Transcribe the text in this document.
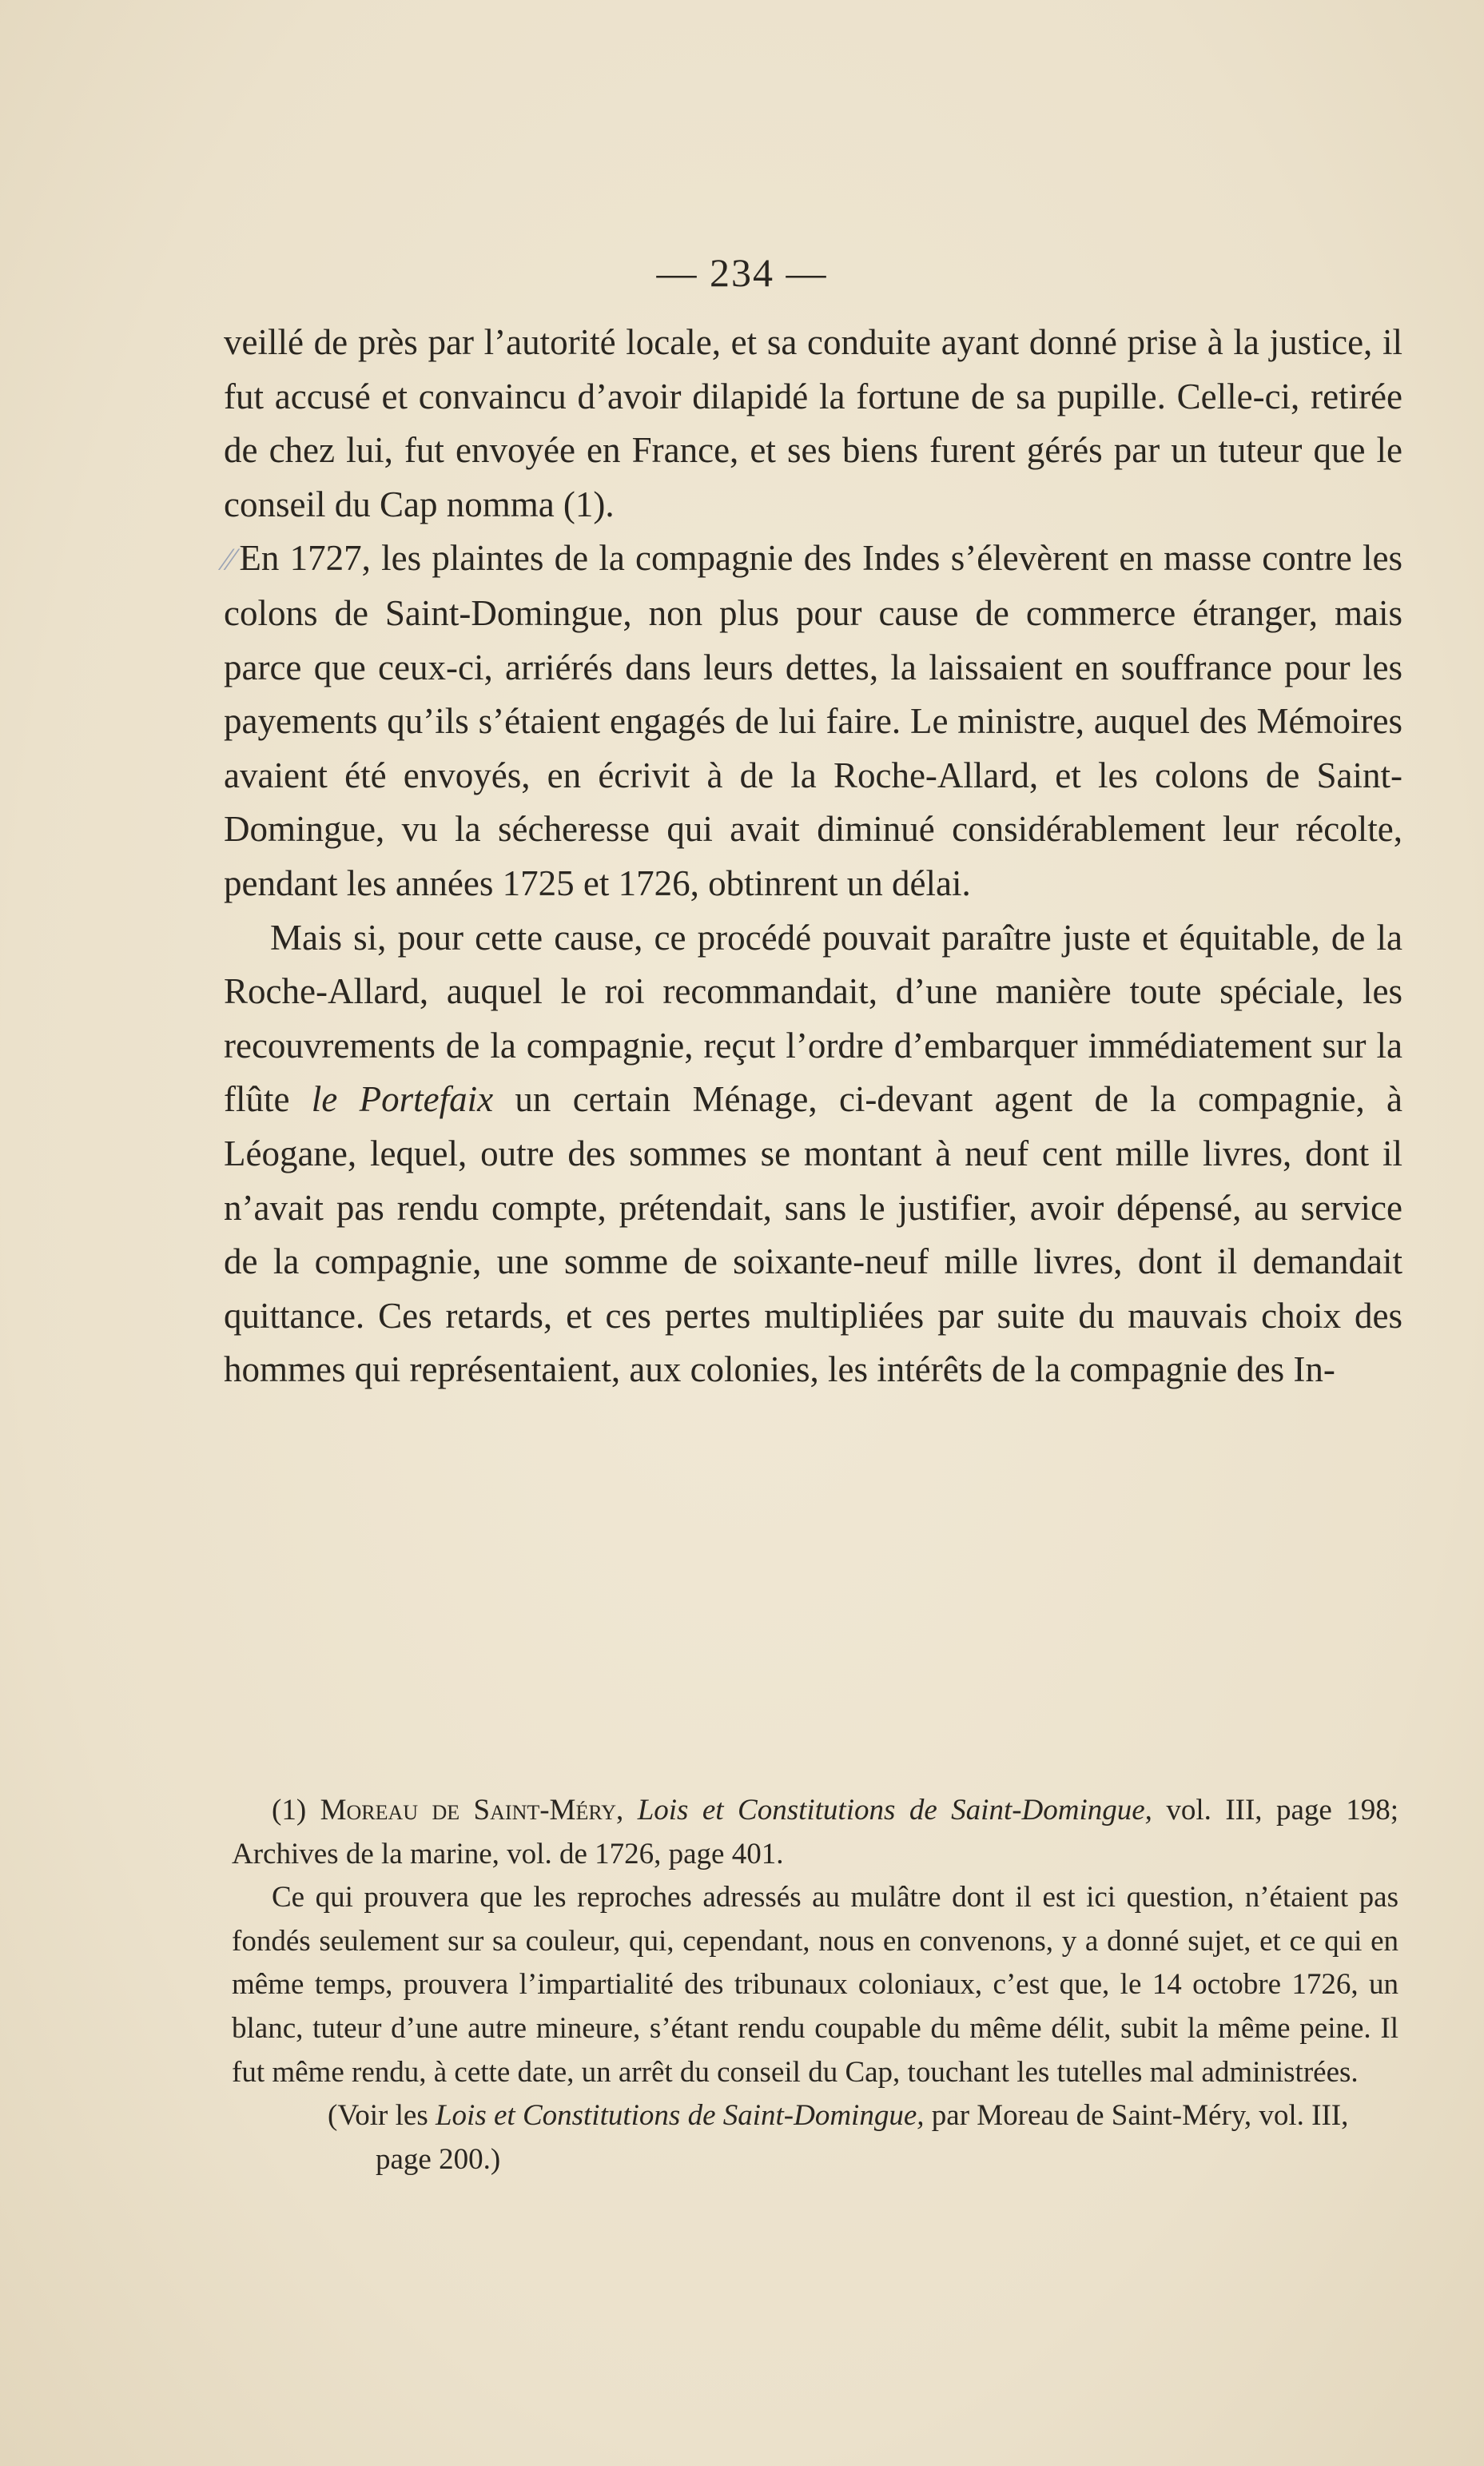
— 234 —

veillé de près par l’autorité locale, et sa conduite ayant donné prise à la justice, il fut accusé et convaincu d’avoir dilapidé la fortune de sa pupille. Celle-ci, retirée de chez lui, fut envoyée en France, et ses biens furent gérés par un tuteur que le conseil du Cap nomma (1).

⁄⁄ En 1727, les plaintes de la compagnie des Indes s’élevèrent en masse contre les colons de Saint-Domingue, non plus pour cause de commerce étranger, mais parce que ceux-ci, arriérés dans leurs dettes, la laissaient en souffrance pour les payements qu’ils s’étaient engagés de lui faire. Le ministre, auquel des Mémoires avaient été envoyés, en écrivit à de la Roche-Allard, et les colons de Saint-Domingue, vu la sécheresse qui avait diminué considérablement leur récolte, pendant les années 1725 et 1726, obtinrent un délai.

Mais si, pour cette cause, ce procédé pouvait paraître juste et équitable, de la Roche-Allard, auquel le roi recommandait, d’une manière toute spéciale, les recouvrements de la compagnie, reçut l’ordre d’embarquer immédiatement sur la flûte le Portefaix un certain Ménage, ci-devant agent de la compagnie, à Léogane, lequel, outre des sommes se montant à neuf cent mille livres, dont il n’avait pas rendu compte, prétendait, sans le justifier, avoir dépensé, au service de la compagnie, une somme de soixante-neuf mille livres, dont il demandait quittance. Ces retards, et ces pertes multipliées par suite du mauvais choix des hommes qui représentaient, aux colonies, les intérêts de la compagnie des In-

(1) Moreau de Saint-Méry, Lois et Constitutions de Saint-Domingue, vol. III, page 198; Archives de la marine, vol. de 1726, page 401.

Ce qui prouvera que les reproches adressés au mulâtre dont il est ici question, n’étaient pas fondés seulement sur sa couleur, qui, cependant, nous en convenons, y a donné sujet, et ce qui en même temps, prouvera l’impartialité des tribunaux coloniaux, c’est que, le 14 octobre 1726, un blanc, tuteur d’une autre mineure, s’étant rendu coupable du même délit, subit la même peine. Il fut même rendu, à cette date, un arrêt du conseil du Cap, touchant les tutelles mal administrées.

(Voir les Lois et Constitutions de Saint-Domingue, par Moreau de Saint-Méry, vol. III, page 200.)
